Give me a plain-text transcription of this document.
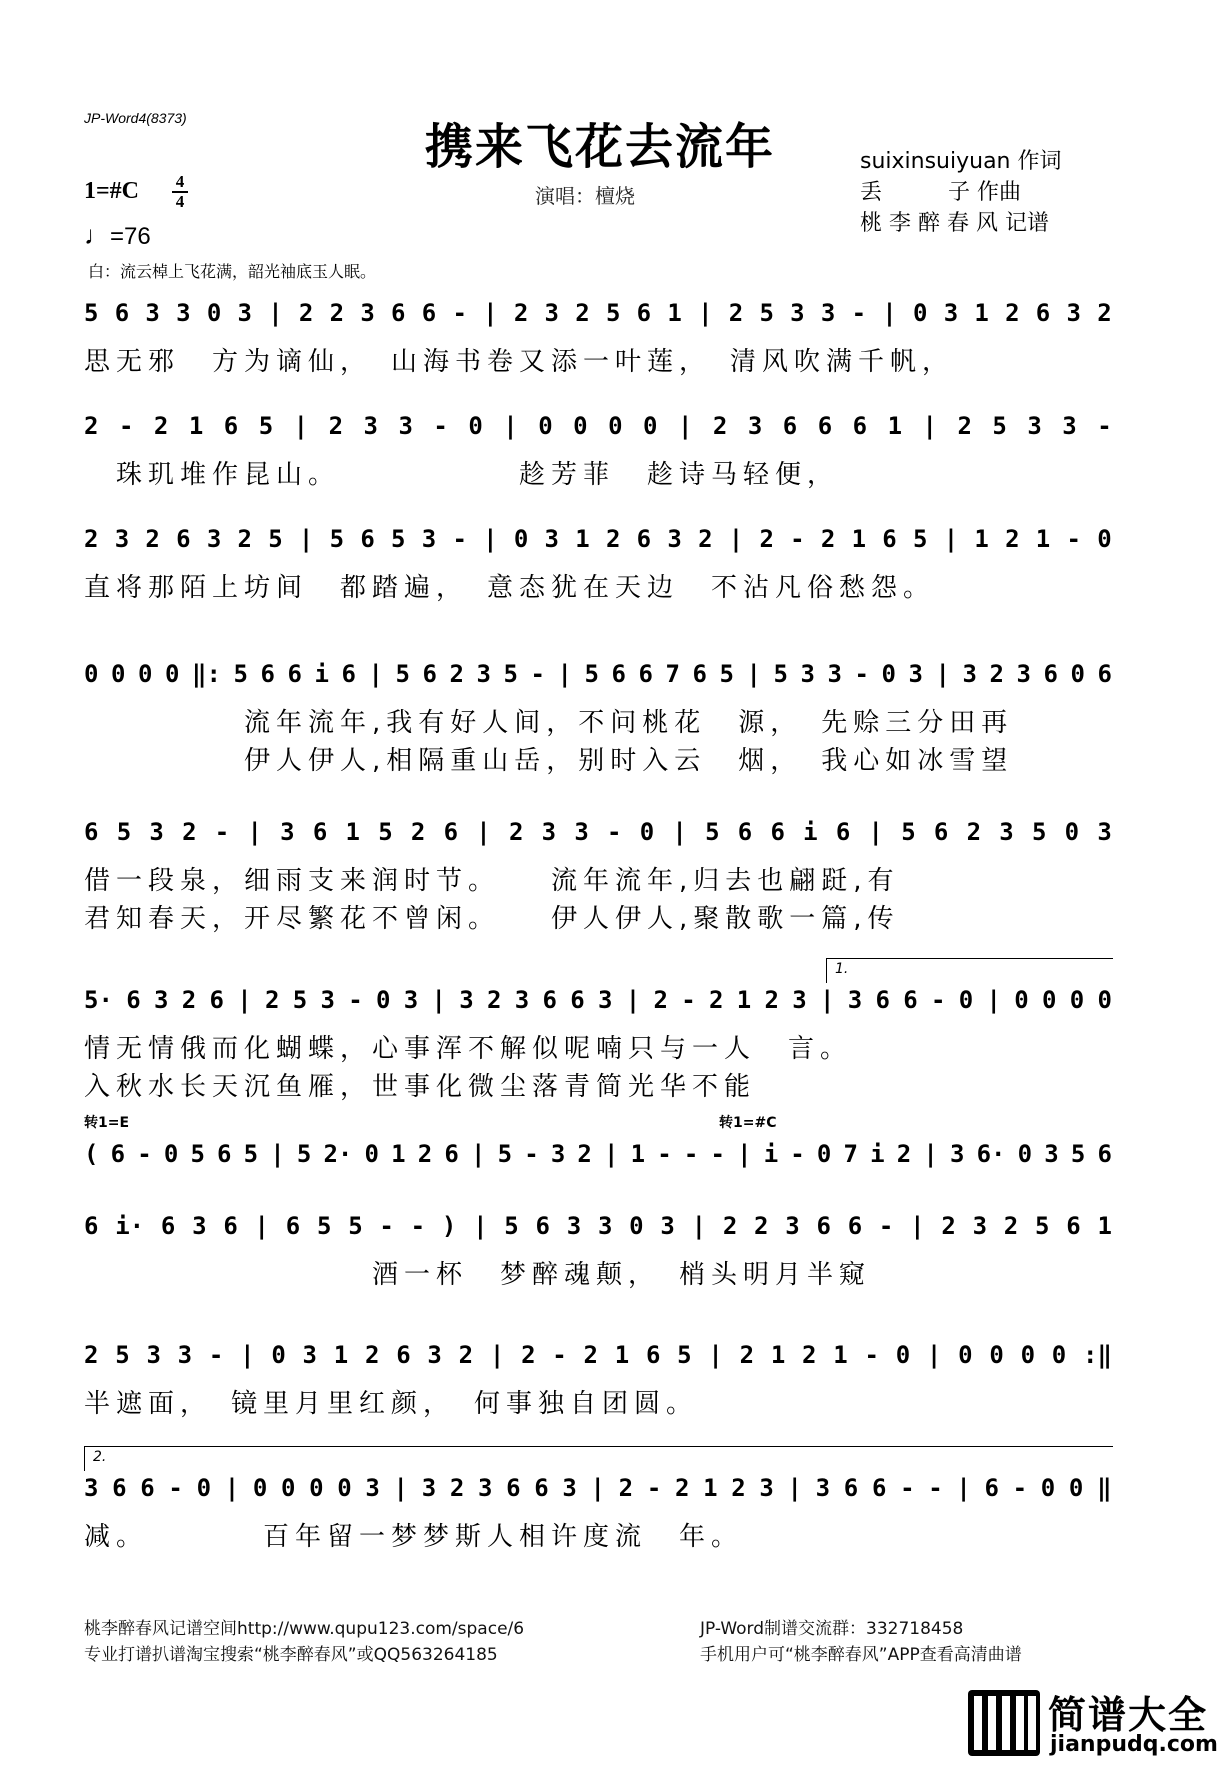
JP-Word4(8373)
携来飞花去流年
演唱：檀烧
suixinsuiyuan 作词
丢　　　子 作曲
桃 李 醉 春 风 记谱
1=#C 4
4
♩=76
白：流云棹上飞花满，韶光袖底玉人眠。
5 6 3 3 0 3 | 2 2 3 6 6 - | 2 3 2 5 6 1 | 2 5 3 3 - | 0 3 1 2 6 3 2
思无邪　方为谪仙，　山海书卷又添一叶莲，　清风吹满千帆，
2 - 2 1 6 5 | 2 3 3 - 0 | 0 0 0 0 | 2 3 6 6 6 1 | 2 5 3 3 -
　珠玑堆作昆山。　　　　　　趁芳菲　趁诗马轻便，
2 3 2 6 3 2 5 | 5 6 5 3 - | 0 3 1 2 6 3 2 | 2 - 2 1 6 5 | 1 2 1 - 0
直将那陌上坊间　都踏遍，　意态犹在天边　不沾凡俗愁怨。
0 0 0 0 ‖: 5 6 6 i 6 | 5 6 2 3 5 - | 5 6 6 7 6 5 | 5 3 3 - 0 3 | 3 2 3 6 0 6
　　　　　流年流年,我有好人间，不问桃花　源，　先赊三分田再
　　　　　伊人伊人,相隔重山岳，别时入云　烟，　我心如冰雪望
6 5 3 2 - | 3 6 1 5 2 6 | 2 3 3 - 0 | 5 6 6 i 6 | 5 6 2 3 5 0 3
借一段泉，细雨支来润时节。　　流年流年,归去也翩跹,有
君知春天，开尽繁花不曾闲。　　伊人伊人,聚散歌一篇,传
1.
5· 6 3 2 6 | 2 5 3 - 0 3 | 3 2 3 6 6 3 | 2 - 2 1 2 3 | 3 6 6 - 0 | 0 0 0 0
情无情俄而化蝴蝶，心事浑不解似呢喃只与一人　言。
入秋水长天沉鱼雁，世事化微尘落青简光华不能
转1=E	转1=#C
( 6 - 0 5 6 5 | 5 2· 0 1 2 6 | 5 - 3 2 | 1 - - - | i - 0 7 i 2 | 3 6· 0 3 5 6
6 i· 6 3 6 | 6 5 5 - - ) | 5 6 3 3 0 3 | 2 2 3 6 6 - | 2 3 2 5 6 1
　　　　　　　　　酒一杯　梦醉魂颠，　梢头明月半窥
2 5 3 3 - | 0 3 1 2 6 3 2 | 2 - 2 1 6 5 | 2 1 2 1 - 0 | 0 0 0 0 :‖
半遮面，　镜里月里红颜，　何事独自团圆。
2.
3 6 6 - 0 | 0 0 0 0 3 | 3 2 3 6 6 3 | 2 - 2 1 2 3 | 3 6 6 - - | 6 - 0 0 ‖
减。　　　　百年留一梦梦斯人相许度流　年。
桃李醉春风记谱空间http://www.qupu123.com/space/6
专业打谱扒谱淘宝搜索“桃李醉春风”或QQ563264185
JP-Word制谱交流群：332718458
手机用户可“桃李醉春风”APP查看高清曲谱
简谱大全
jianpudq.com
